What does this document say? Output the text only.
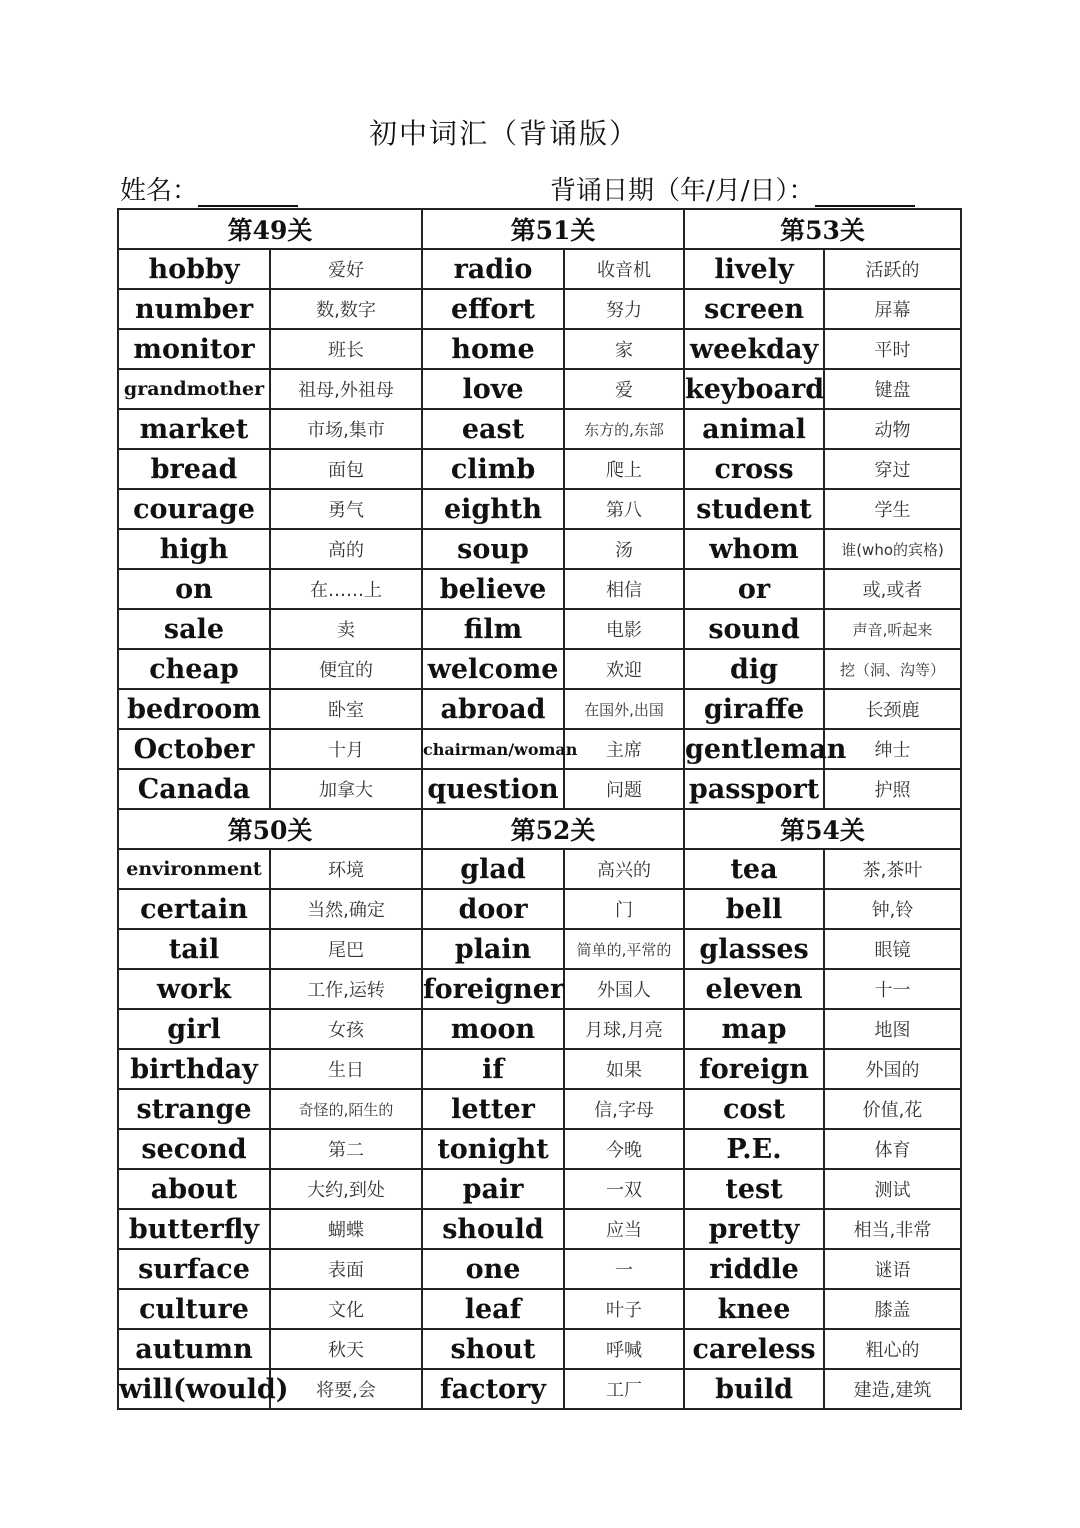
初中词汇（背诵版）
姓名：	背诵日期（年/月/日）：
第49关		第51关		第53关	
hobby	爱好	radio	收音机	lively	活跃的
number	数,数字	effort	努力	screen	屏幕
monitor	班长	home	家	weekday	平时
grandmother	祖母,外祖母	love	爱	keyboard	键盘
market	市场,集市	east	东方的,东部	animal	动物
bread	面包	climb	爬上	cross	穿过
courage	勇气	eighth	第八	student	学生
high	高的	soup	汤	whom	谁(who的宾格)
on	在……上	believe	相信	or	或,或者
sale	卖	film	电影	sound	声音,听起来
cheap	便宜的	welcome	欢迎	dig	挖（洞、沟等）
bedroom	卧室	abroad	在国外,出国	giraffe	长颈鹿
October	十月	chairman/woman	主席	gentleman	绅士
Canada	加拿大	question	问题	passport	护照
第50关		第52关		第54关	
environment	环境	glad	高兴的	tea	茶,茶叶
certain	当然,确定	door	门	bell	钟,铃
tail	尾巴	plain	简单的,平常的	glasses	眼镜
work	工作,运转	foreigner	外国人	eleven	十一
girl	女孩	moon	月球,月亮	map	地图
birthday	生日	if	如果	foreign	外国的
strange	奇怪的,陌生的	letter	信,字母	cost	价值,花
second	第二	tonight	今晚	P.E.	体育
about	大约,到处	pair	一双	test	测试
butterfly	蝴蝶	should	应当	pretty	相当,非常
surface	表面	one	一	riddle	谜语
culture	文化	leaf	叶子	knee	膝盖
autumn	秋天	shout	呼喊	careless	粗心的
will(would)	将要,会	factory	工厂	build	建造,建筑
